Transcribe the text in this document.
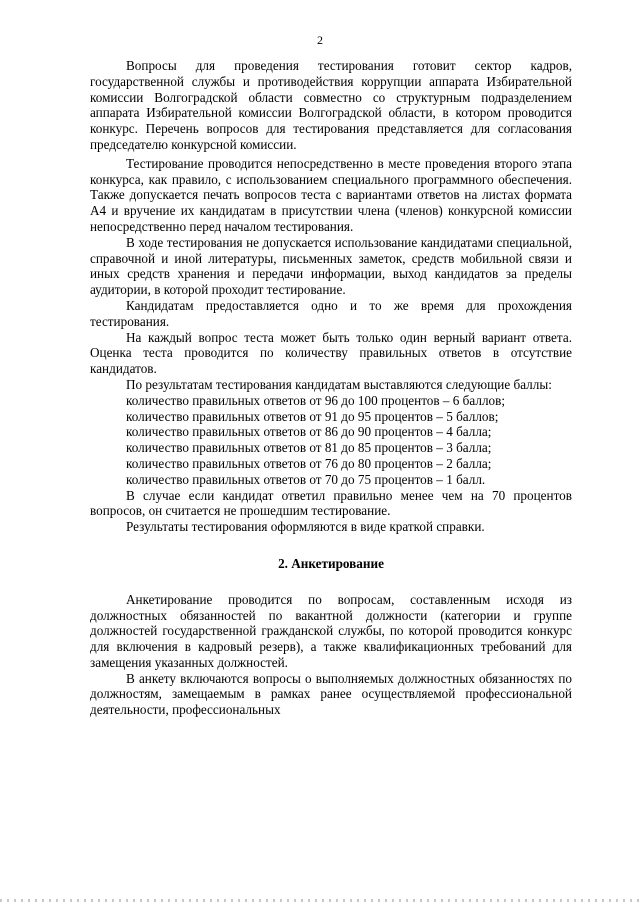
2

Вопросы для проведения тестирования готовит сектор кадров, государственной службы и противодействия коррупции аппарата Избирательной комиссии Волгоградской области совместно со структурным подразделением аппарата Избирательной комиссии Волгоградской области, в котором проводится конкурс. Перечень вопросов для тестирования представляется для согласования председателю конкурсной комиссии.

Тестирование проводится непосредственно в месте проведения второго этапа конкурса, как правило, с использованием специального программного обеспечения. Также допускается печать вопросов теста с вариантами ответов на листах формата А4 и вручение их кандидатам в присутствии члена (членов) конкурсной комиссии непосредственно перед началом тестирования.

В ходе тестирования не допускается использование кандидатами специальной, справочной и иной литературы, письменных заметок, средств мобильной связи и иных средств хранения и передачи информации, выход кандидатов за пределы аудитории, в которой проходит тестирование.

Кандидатам предоставляется одно и то же время для прохождения тестирования.

На каждый вопрос теста может быть только один верный вариант ответа. Оценка теста проводится по количеству правильных ответов в отсутствие кандидатов.

По результатам тестирования кандидатам выставляются следующие баллы:

количество правильных ответов от 96 до 100 процентов – 6 баллов;

количество правильных ответов от 91 до 95 процентов – 5 баллов;

количество правильных ответов от 86 до 90 процентов – 4 балла;

количество правильных ответов от 81 до 85 процентов – 3 балла;

количество правильных ответов от 76 до 80 процентов – 2 балла;

количество правильных ответов от 70 до 75 процентов – 1 балл.

В случае если кандидат ответил правильно менее чем на 70 процентов вопросов, он считается не прошедшим тестирование.

Результаты тестирования оформляются в виде краткой справки.

2. Анкетирование

Анкетирование проводится по вопросам, составленным исходя из должностных обязанностей по вакантной должности (категории и группе должностей государственной гражданской службы, по которой проводится конкурс для включения в кадровый резерв), а также квалификационных требований для замещения указанных должностей.

В анкету включаются вопросы о выполняемых должностных обязанностях по должностям, замещаемым в рамках ранее осуществляемой профессиональной деятельности, профессиональных
